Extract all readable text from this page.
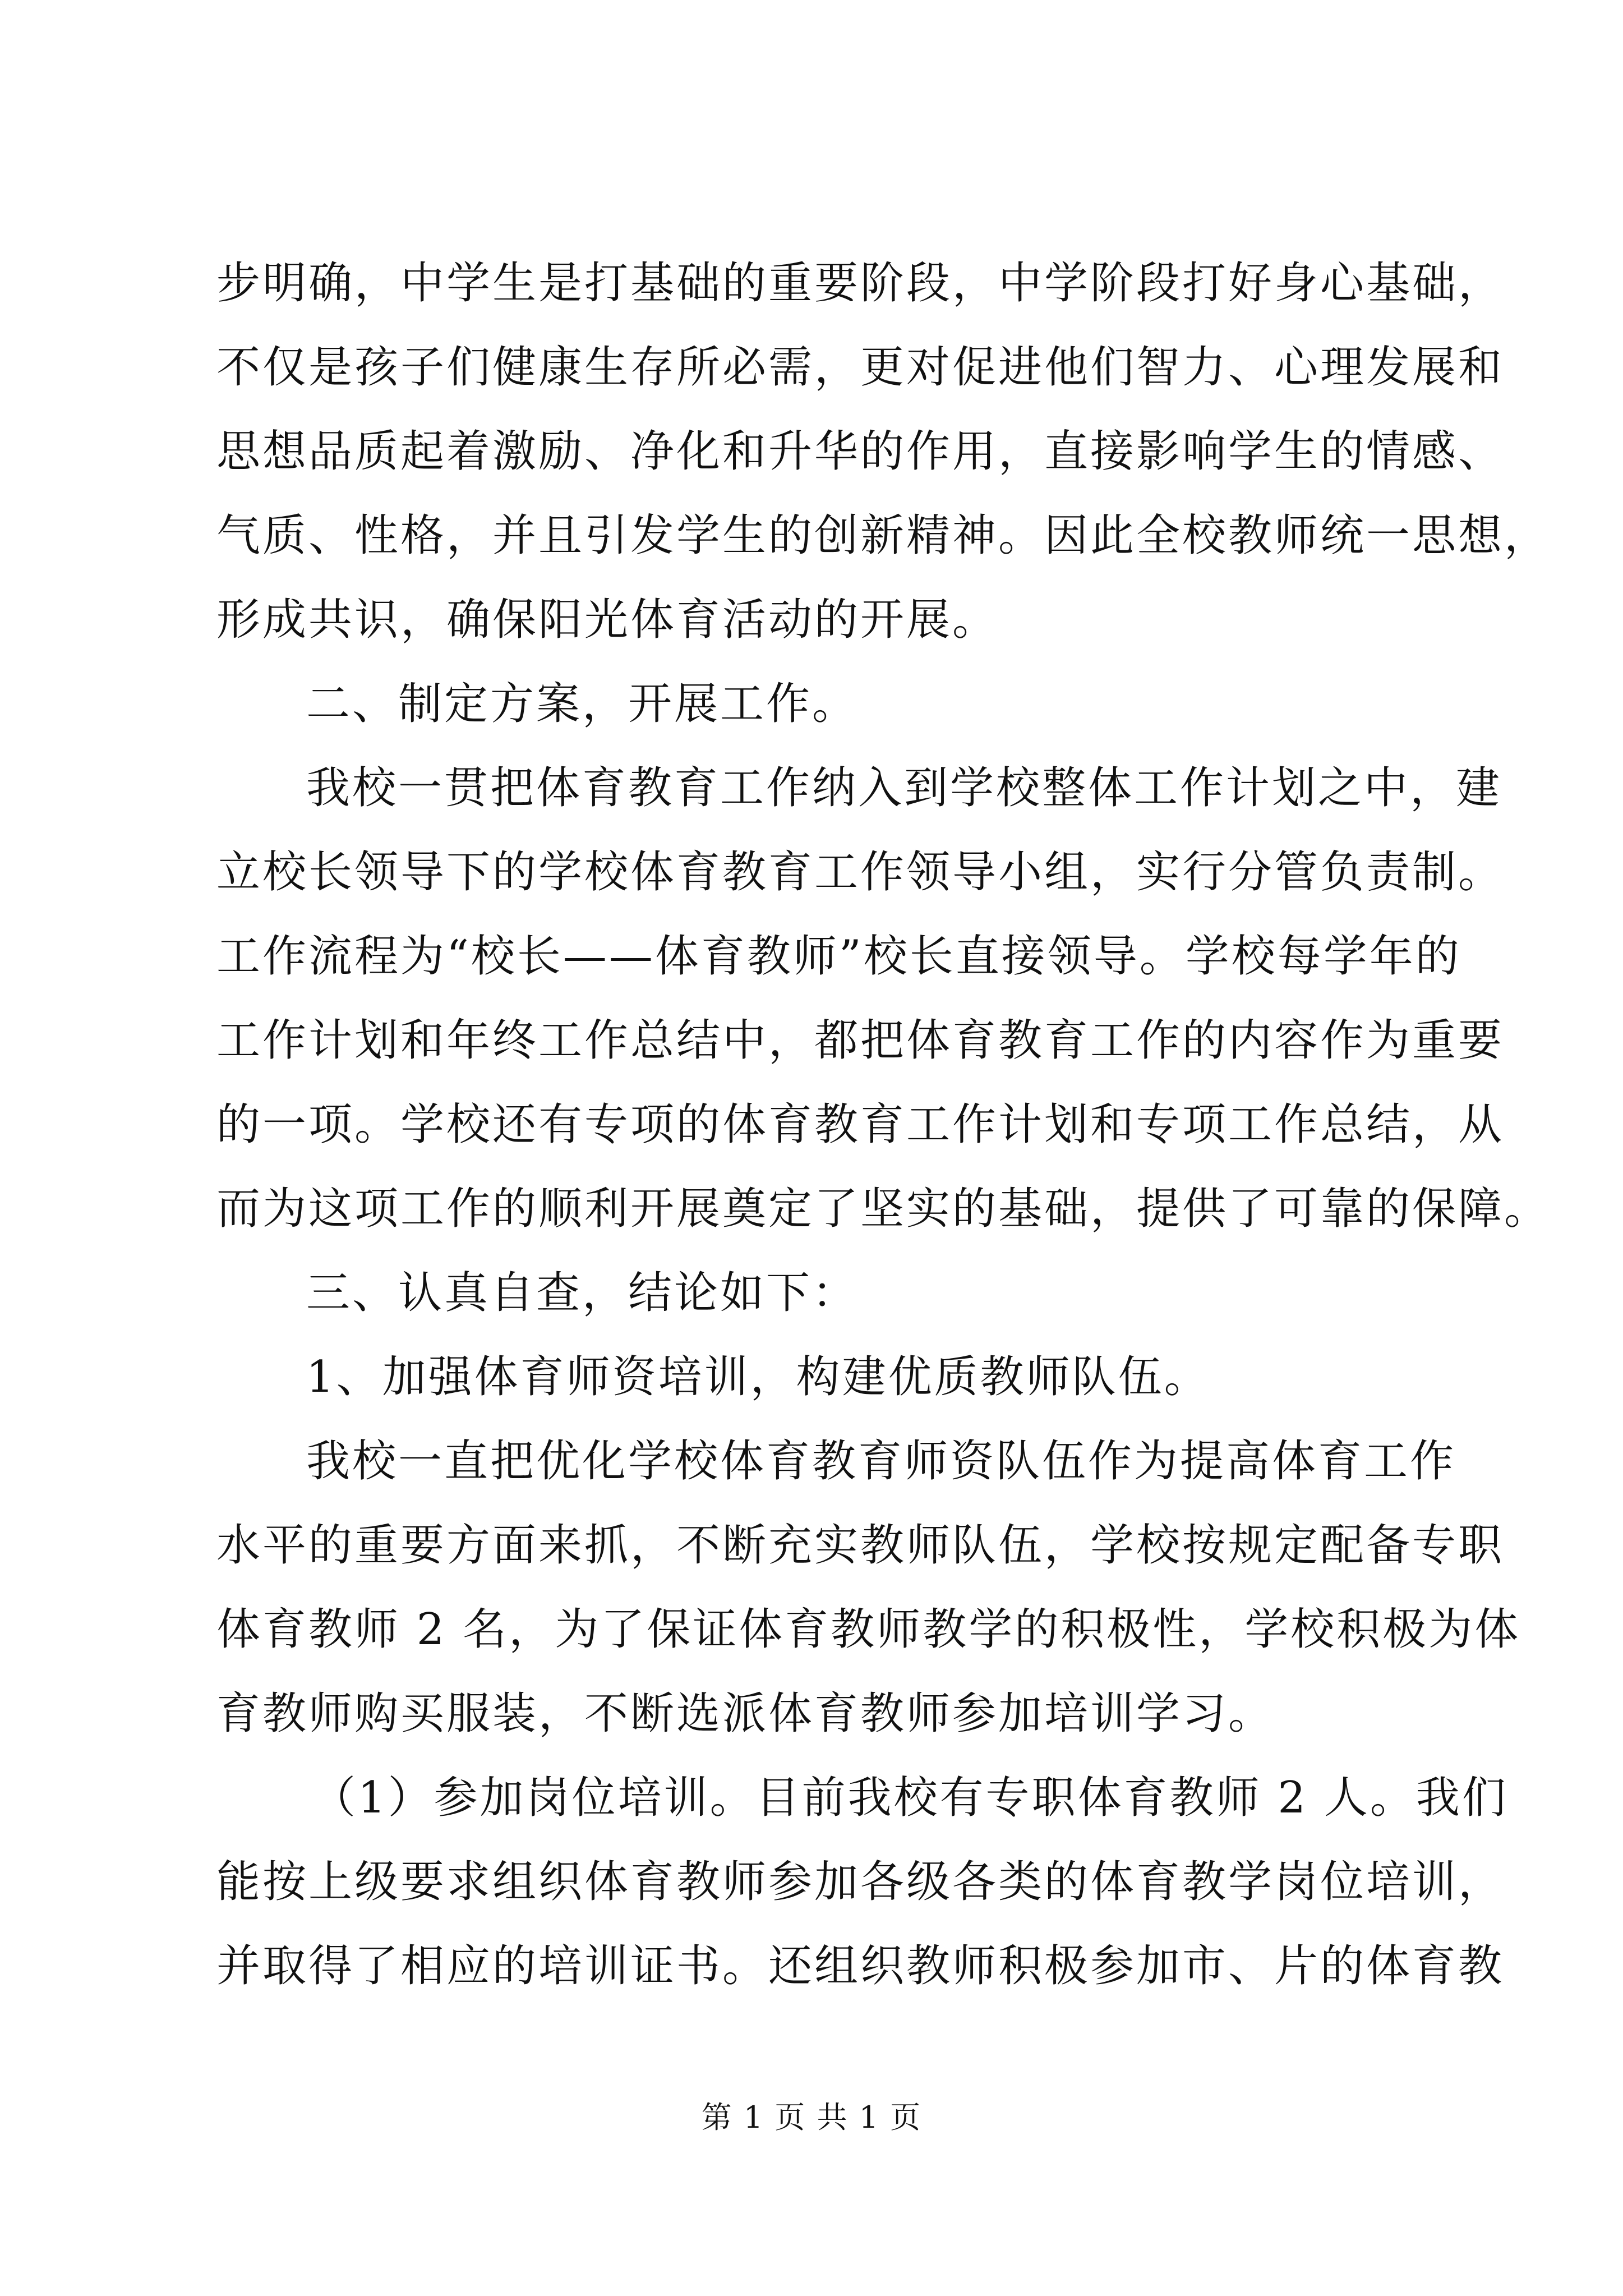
步明确，中学生是打基础的重要阶段，中学阶段打好身心基础，
不仅是孩子们健康生存所必需，更对促进他们智力、心理发展和
思想品质起着激励、净化和升华的作用，直接影响学生的情感、
气质、性格，并且引发学生的创新精神。因此全校教师统一思想，
形成共识，确保阳光体育活动的开展。
二、制定方案，开展工作。
我校一贯把体育教育工作纳入到学校整体工作计划之中，建
立校长领导下的学校体育教育工作领导小组，实行分管负责制。
工作流程为“校长——体育教师”校长直接领导。学校每学年的
工作计划和年终工作总结中，都把体育教育工作的内容作为重要
的一项。学校还有专项的体育教育工作计划和专项工作总结，从
而为这项工作的顺利开展奠定了坚实的基础，提供了可靠的保障。
三、认真自查，结论如下：
1、加强体育师资培训，构建优质教师队伍。
我校一直把优化学校体育教育师资队伍作为提高体育工作
水平的重要方面来抓，不断充实教师队伍，学校按规定配备专职
体育教师 2 名，为了保证体育教师教学的积极性，学校积极为体
育教师购买服装，不断选派体育教师参加培训学习。
（1）参加岗位培训。目前我校有专职体育教师 2 人。我们
能按上级要求组织体育教师参加各级各类的体育教学岗位培训，
并取得了相应的培训证书。还组织教师积极参加市、片的体育教
第 1 页 共 1 页
